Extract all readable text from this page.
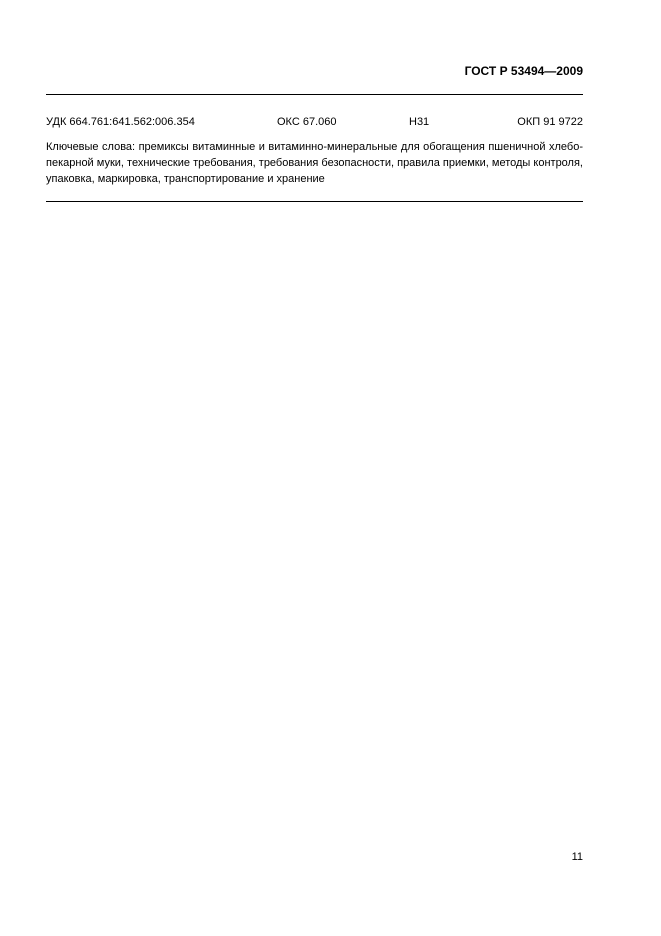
ГОСТ Р 53494—2009
УДК 664.761:641.562:006.354	ОКС 67.060	Н31	ОКП 91 9722
Ключевые слова: премиксы витаминные и витаминно-минеральные для обогащения пшеничной хлебо-
пекарной муки, технические требования, требования безопасности, правила приемки, методы контроля,
упаковка, маркировка, транспортирование и хранение
11
